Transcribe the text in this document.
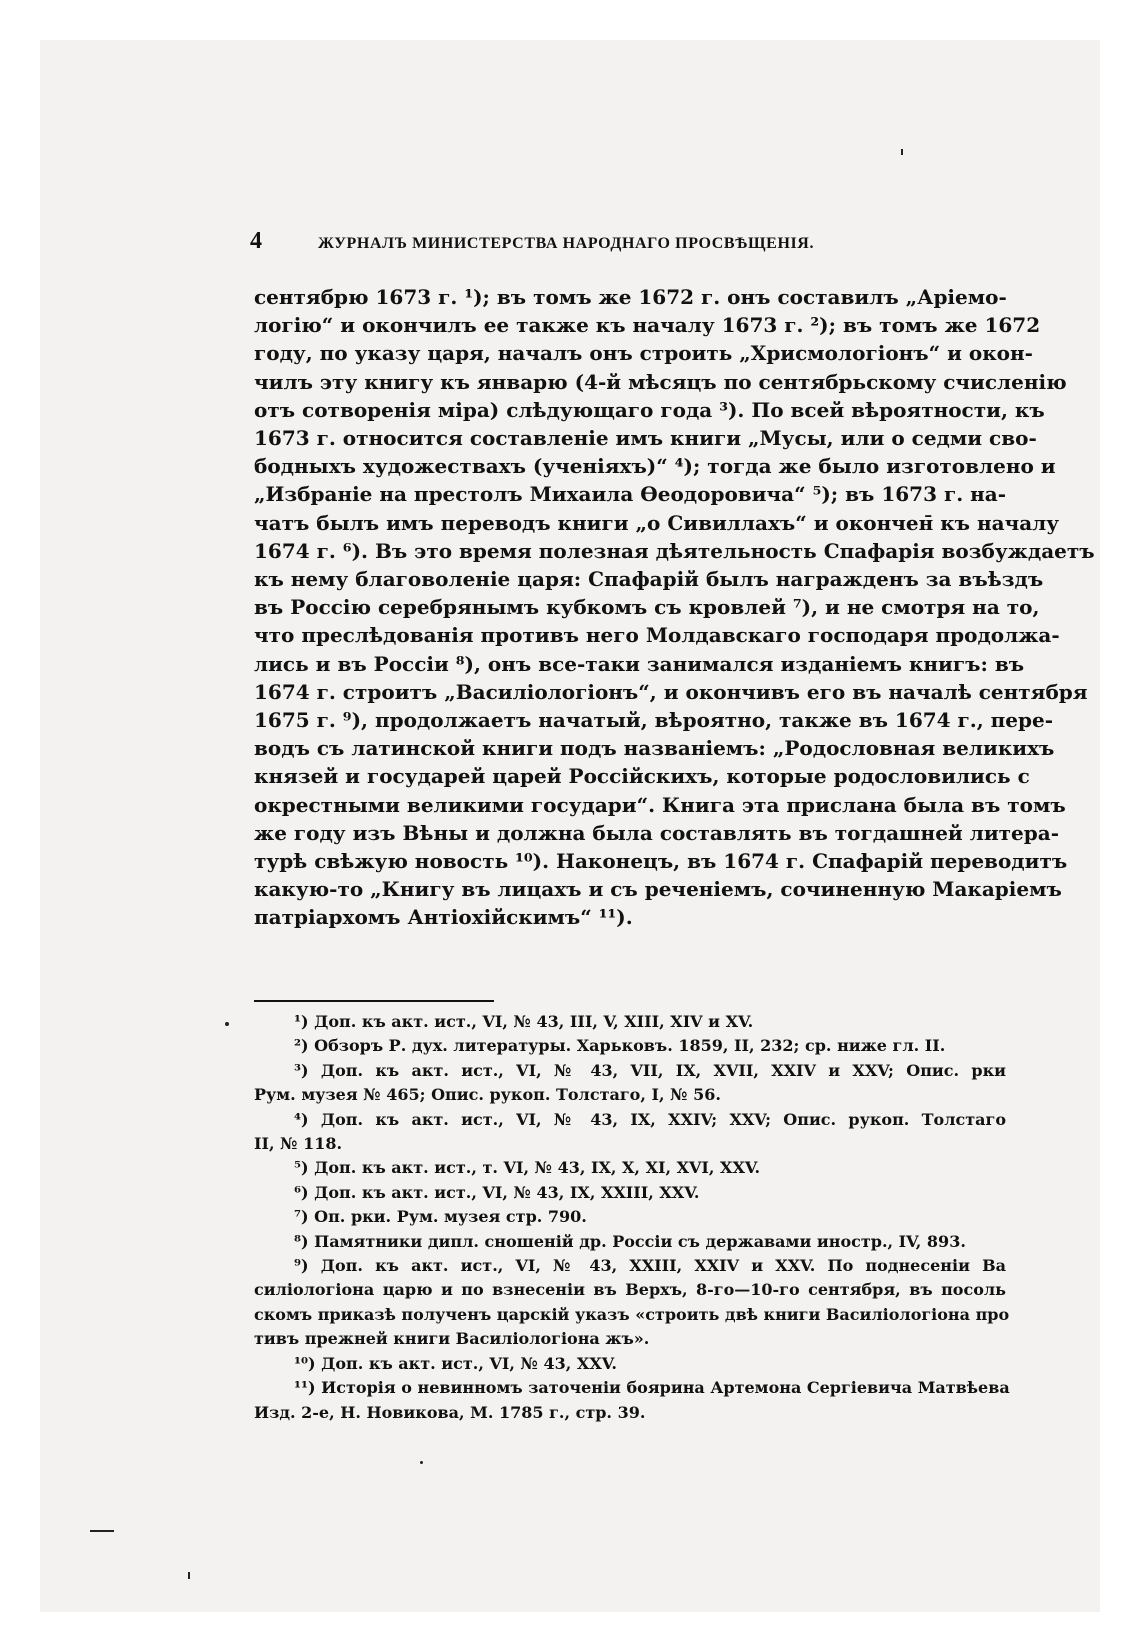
4	ЖУРНАЛЪ МИНИСТЕРСТВА НАРОДНАГО ПРОСВѢЩЕНІЯ.
сентябрю 1673 г. ¹); въ томъ же 1672 г. онъ составилъ „Аріемо-
логію“ и окончилъ ее также къ началу 1673 г. ²); въ томъ же 1672
году, по указу царя, началъ онъ строить „Хрисмологіонъ“ и окон-
чилъ эту книгу къ январю (4-й мѣсяцъ по сентябрьскому счисленію
отъ сотворенія міра) слѣдующаго года ³). По всей вѣроятности, къ
1673 г. относится составленіе имъ книги „Мусы, или о седми сво-
бодныхъ художествахъ (ученіяхъ)“ ⁴); тогда же было изготовлено и
„Избраніе на престолъ Михаила Ѳеодоровича“ ⁵); въ 1673 г. на-
чатъ былъ имъ переводъ книги „о Сивиллахъ“ и окончен̄ къ началу
1674 г. ⁶). Въ это время полезная дѣятельность Спафарія возбуждаетъ
къ нему благоволеніе царя: Спафарій былъ награжденъ за въѣздъ
въ Россію серебрянымъ кубкомъ съ кровлей ⁷), и не смотря на то,
что преслѣдованія противъ него Молдавскаго господаря продолжа-
лись и въ Россіи ⁸), онъ все-таки занимался изданіемъ книгъ: въ
1674 г. строитъ „Василіологіонъ“, и окончивъ его въ началѣ сентября
1675 г. ⁹), продолжаетъ начатый, вѣроятно, также въ 1674 г., пере-
водъ съ латинской книги подъ названіемъ: „Родословная великихъ
князей и государей царей Россійскихъ, которые родословились с
окрестными великими государи“. Книга эта прислана была въ томъ
же году изъ Вѣны и должна была составлять въ тогдашней литера-
турѣ свѣжую новость ¹⁰). Наконецъ, въ 1674 г. Спафарій переводитъ
какую-то „Книгу въ лицахъ и съ реченіемъ, сочиненную Макаріемъ
патріархомъ Антіохійскимъ“ ¹¹).
¹) Доп. къ акт. ист., VI, № 43, III, V, XIII, XIV и XV.
²) Обзоръ Р. дух. литературы. Харьковъ. 1859, II, 232; ср. ниже гл. II.
³) Доп. къ акт. ист., VI, № 43, VII, IX, XVII, XXIV и XXV; Опис. рки
Рум. музея № 465; Опис. рукоп. Толстаго, I, № 56.
⁴) Доп. къ акт. ист., VI, № 43, IX, XXIV; XXV; Опис. рукоп. Толстаго
II, № 118.
⁵) Доп. къ акт. ист., т. VI, № 43, IX, X, XI, XVI, XXV.
⁶) Доп. къ акт. ист., VI, № 43, IX, XXIII, XXV.
⁷) Оп. рки. Рум. музея стр. 790.
⁸) Памятники дипл. сношеній др. Россіи съ державами иностр., IV, 893.
⁹) Доп. къ акт. ист., VI, № 43, XXIII, XXIV и XXV. По поднесеніи Ва
силіологіона царю и по взнесеніи въ Верхъ, 8-го—10-го сентября, въ посоль
скомъ приказѣ полученъ царскій указъ «строить двѣ книги Василіологіона про
тивъ прежней книги Василіологіона жъ».
¹⁰) Доп. къ акт. ист., VI, № 43, XXV.
¹¹) Исторія о невинномъ заточеніи боярина Артемона Сергіевича Матвѣева
Изд. 2-е, Н. Новикова, М. 1785 г., стр. 39.
